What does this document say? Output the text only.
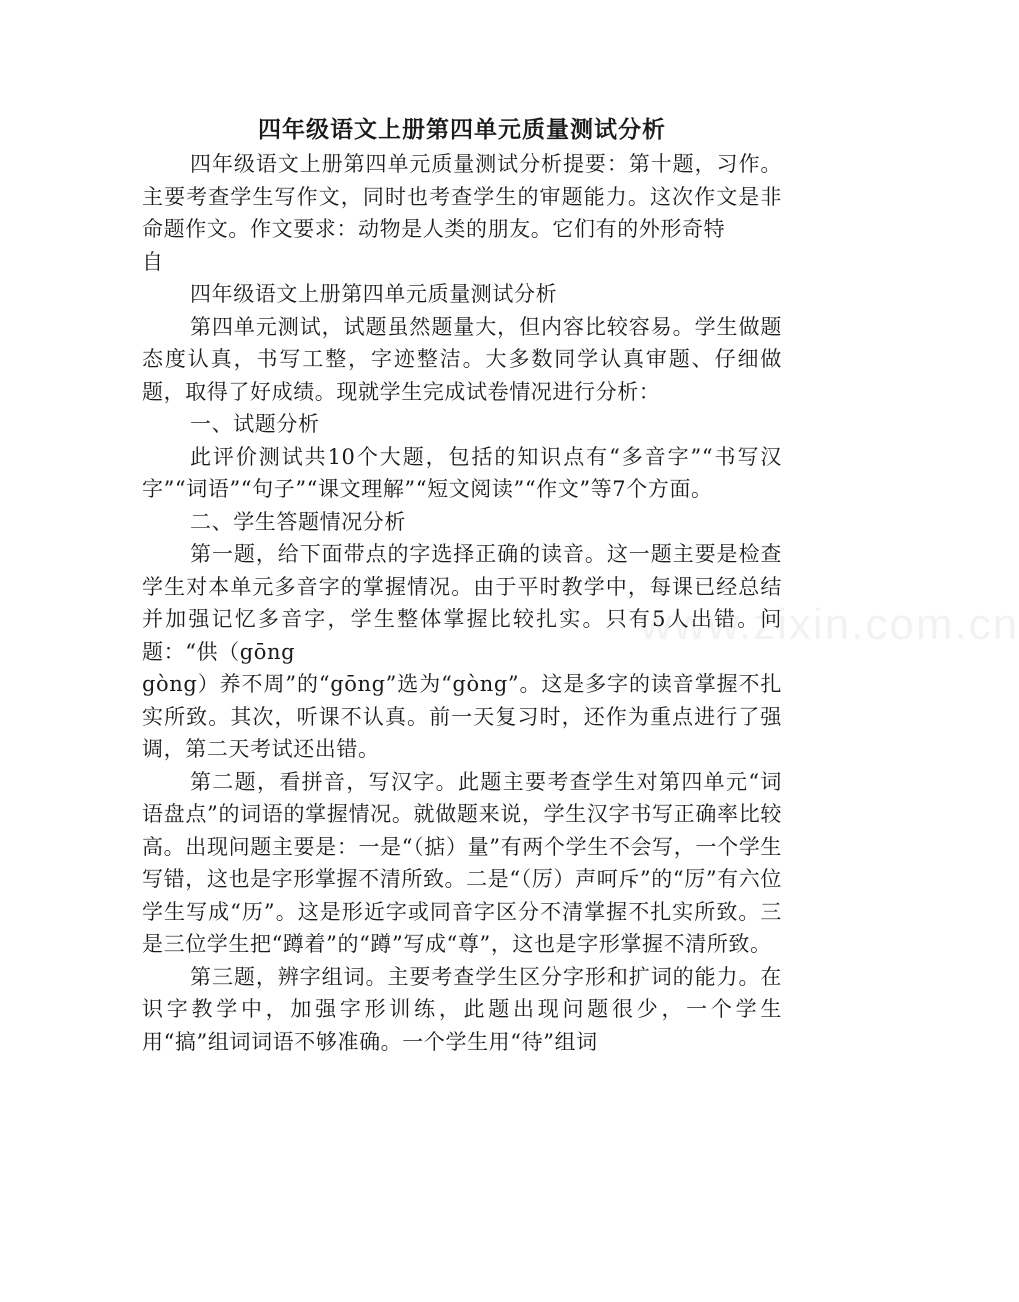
四年级语文上册第四单元质量测试分析

四年级语文上册第四单元质量测试分析提要：第十题，习作。主要考查学生写作文，同时也考查学生的审题能力。这次作文是非命题作文。作文要求：动物是人类的朋友。它们有的外形奇特

自

四年级语文上册第四单元质量测试分析

第四单元测试，试题虽然题量大，但内容比较容易。学生做题态度认真，书写工整，字迹整洁。大多数同学认真审题、仔细做题，取得了好成绩。现就学生完成试卷情况进行分析：

一、试题分析

此评价测试共10个大题，包括的知识点有“多音字”“书写汉字”“词语”“句子”“课文理解”“短文阅读”“作文”等7个方面。

二、学生答题情况分析

第一题，给下面带点的字选择正确的读音。这一题主要是检查学生对本单元多音字的掌握情况。由于平时教学中，每课已经总结并加强记忆多音字，学生整体掌握比较扎实。只有5人出错。问题：“供（gōng

gòng）养不周”的“gōng”选为“gòng”。这是多字的读音掌握不扎实所致。其次，听课不认真。前一天复习时，还作为重点进行了强调，第二天考试还出错。

第二题，看拼音，写汉字。此题主要考查学生对第四单元“词语盘点”的词语的掌握情况。就做题来说，学生汉字书写正确率比较高。出现问题主要是：一是“（掂）量”有两个学生不会写，一个学生写错，这也是字形掌握不清所致。二是“（厉）声呵斥”的“厉”有六位学生写成“历”。这是形近字或同音字区分不清掌握不扎实所致。三是三位学生把“蹲着”的“蹲”写成“尊”，这也是字形掌握不清所致。

第三题，辨字组词。主要考查学生区分字形和扩词的能力。在识字教学中，加强字形训练，此题出现问题很少，一个学生用“搞”组词词语不够准确。一个学生用“待”组词

www.zixin.com.cn
